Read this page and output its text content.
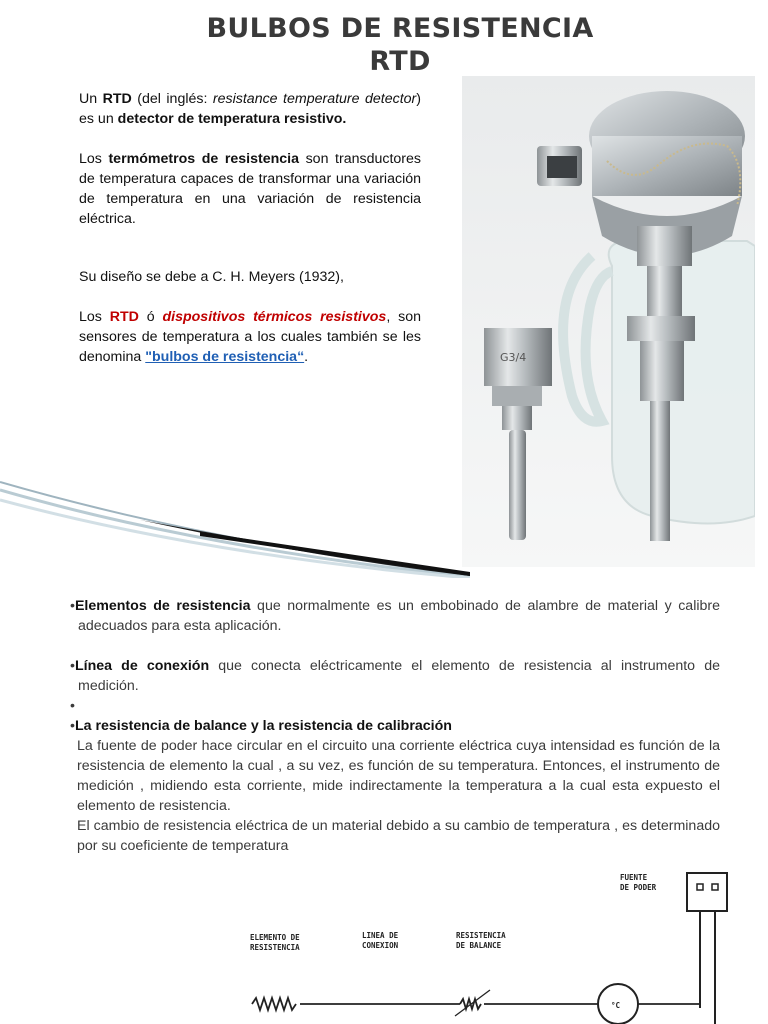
BULBOS DE RESISTENCIA
RTD

Un RTD (del inglés: resistance temperature detector) es un detector de temperatura resistivo.

Los termómetros de resistencia son transductores de temperatura capaces de transformar una variación de temperatura en una variación de resistencia eléctrica.

Su diseño se debe a C. H. Meyers (1932),

Los RTD ó dispositivos térmicos resistivos, son sensores de temperatura a los cuales también se les denomina "bulbos de resistencia“.	G3/4

•Elementos de resistencia que normalmente es un embobinado de alambre de material y calibre adecuados para esta aplicación.

•Línea de conexión que conecta eléctricamente el elemento de resistencia al instrumento de medición.

•

•La resistencia de balance y la resistencia de calibración

La fuente de poder hace circular en el circuito una corriente eléctrica cuya intensidad es función de la resistencia de elemento la cual , a su vez, es función de su temperatura. Entonces, el instrumento de medición , midiendo esta corriente, mide indirectamente la temperatura a la cual esta expuesto el elemento de resistencia.

El cambio de resistencia eléctrica de un material debido a su cambio de temperatura , es determinado por su coeficiente de temperatura

FUENTE
DE PODER
ELEMENTO DE
RESISTENCIA
LINEA DE
CONEXION
RESISTENCIA
DE BALANCE
°C
